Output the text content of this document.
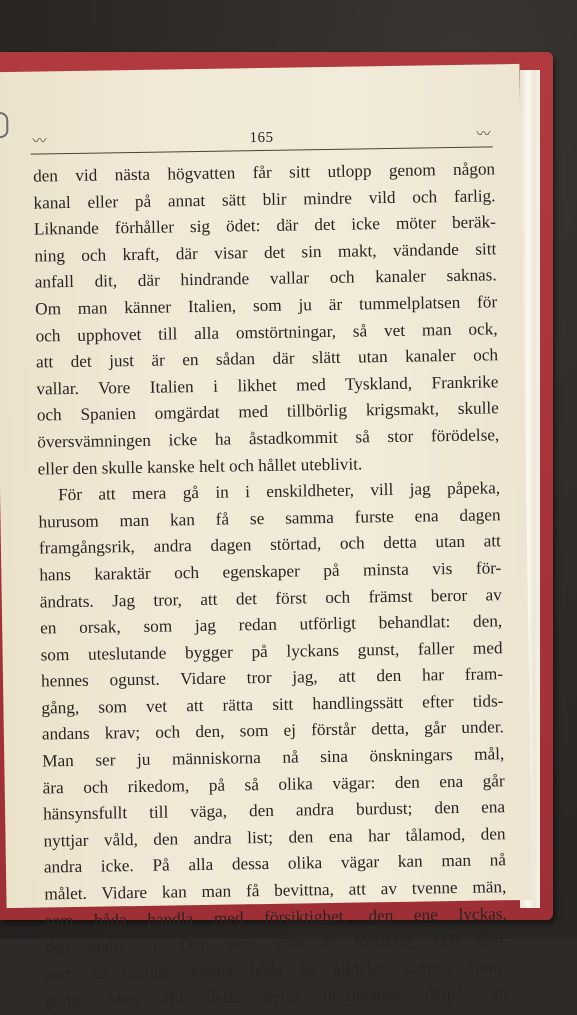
〰	165	〰
den vid nästa högvatten får sitt utlopp genom någon
kanal eller på annat sätt blir mindre vild och farlig.
Liknande förhåller sig ödet: där det icke möter beräk-
ning och kraft, där visar det sin makt, vändande sitt
anfall dit, där hindrande vallar och kanaler saknas.
Om man känner Italien, som ju är tummelplatsen för
och upphovet till alla omstörtningar, så vet man ock,
att det just är en sådan där slätt utan kanaler och
vallar. Vore Italien i likhet med Tyskland, Frankrike
och Spanien omgärdat med tillbörlig krigsmakt, skulle
översvämningen icke ha åstadkommit så stor förödelse,
eller den skulle kanske helt och hållet uteblivit.
För att mera gå in i enskildheter, vill jag påpeka,
hurusom man kan få se samma furste ena dagen
framgångsrik, andra dagen störtad, och detta utan att
hans karaktär och egenskaper på minsta vis för-
ändrats. Jag tror, att det först och främst beror av
en orsak, som jag redan utförligt behandlat: den,
som uteslutande bygger på lyckans gunst, faller med
hennes ogunst. Vidare tror jag, att den har fram-
gång, som vet att rätta sitt handlingssätt efter tids-
andans krav; och den, som ej förstår detta, går under.
Man ser ju människorna nå sina önskningars mål,
ära och rikedom, på så olika vägar: den ena går
hänsynsfullt till väga, den andra burdust; den ena
nyttjar våld, den andra list; den ena har tålamod, den
andra icke. På alla dessa olika vägar kan man nå
målet. Vidare kan man få bevittna, att av tvenne män,
som båda handla med försiktighet, den ene lyckas,
den andre ej. Och den, som är försiktig, och den,
som är burdus, kunna båda ha alldeles samma fram-
gång. Men allt detta beror uteslutande därpå, att
